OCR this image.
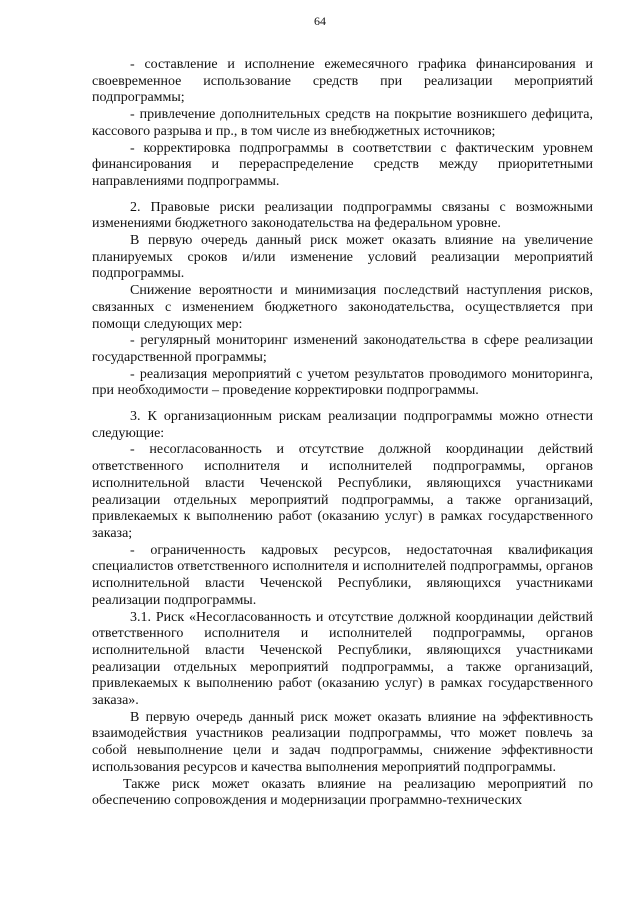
64

- составление и исполнение ежемесячного графика финансирования и своевременное использование средств при реализации мероприятий подпрограммы;

- привлечение дополнительных средств на покрытие возникшего дефицита, кассового разрыва и пр., в том числе из внебюджетных источников;

- корректировка подпрограммы в соответствии с фактическим уровнем финансирования и перераспределение средств между приоритетными направлениями подпрограммы.

2. Правовые риски реализации подпрограммы связаны с возможными изменениями бюджетного законодательства на федеральном уровне.

В первую очередь данный риск может оказать влияние на увеличение планируемых сроков и/или изменение условий реализации мероприятий подпрограммы.

Снижение вероятности и минимизация последствий наступления рисков, связанных с изменением бюджетного законодательства, осуществляется при помощи следующих мер:

- регулярный мониторинг изменений законодательства в сфере реализации государственной программы;

- реализация мероприятий с учетом результатов проводимого мониторинга, при необходимости – проведение корректировки подпрограммы.

3. К организационным рискам реализации подпрограммы можно отнести следующие:

- несогласованность и отсутствие должной координации действий ответственного исполнителя и исполнителей подпрограммы, органов исполнительной власти Чеченской Республики, являющихся участниками реализации отдельных мероприятий подпрограммы, а также организаций, привлекаемых к выполнению работ (оказанию услуг) в рамках государственного заказа;

- ограниченность кадровых ресурсов, недостаточная квалификация специалистов ответственного исполнителя и исполнителей подпрограммы, органов исполнительной власти Чеченской Республики, являющихся участниками реализации подпрограммы.

3.1. Риск «Несогласованность и отсутствие должной координации действий ответственного исполнителя и исполнителей подпрограммы, органов исполнительной власти Чеченской Республики, являющихся участниками реализации отдельных мероприятий подпрограммы, а также организаций, привлекаемых к выполнению работ (оказанию услуг) в рамках государственного заказа».

В первую очередь данный риск может оказать влияние на эффективность взаимодействия участников реализации подпрограммы, что может повлечь за собой невыполнение цели и задач подпрограммы, снижение эффективности использования ресурсов и качества выполнения мероприятий подпрограммы.

Также риск может оказать влияние на реализацию мероприятий по обеспечению сопровождения и модернизации программно-технических
